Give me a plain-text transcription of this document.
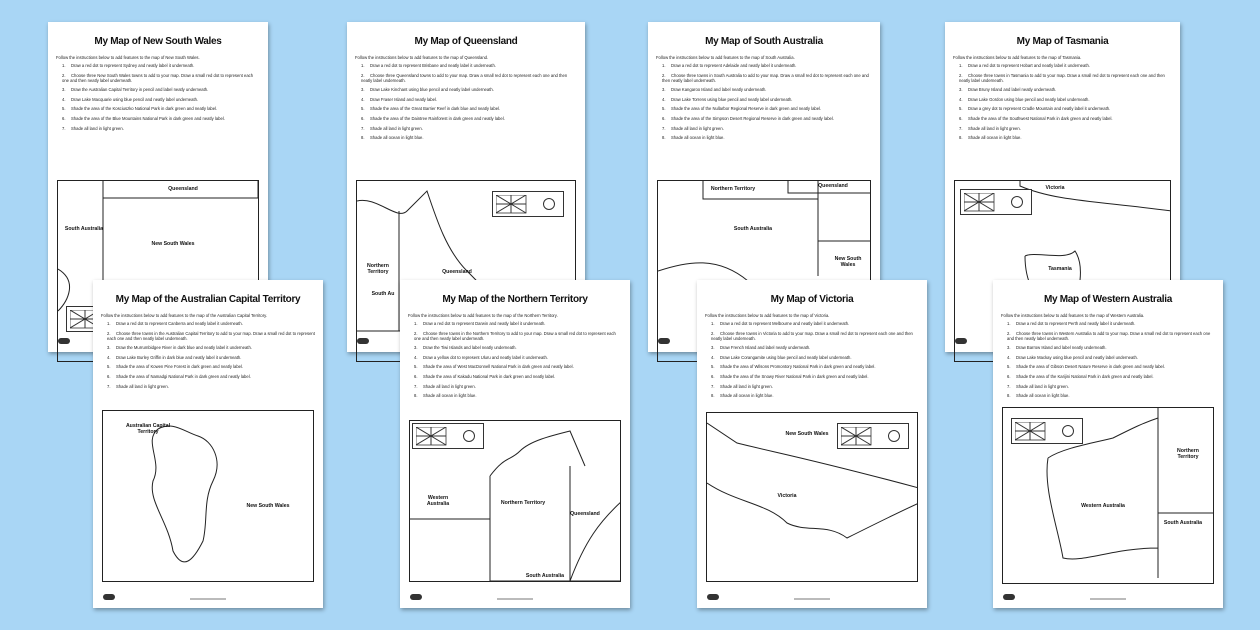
My Map of New South Wales
Follow the instructions below to add features to the map of New South Wales.
1. Draw a red dot to represent Sydney and neatly label it underneath.
2. Choose three New South Wales towns to add to your map. Draw a small red dot to represent each one and then neatly label underneath.
3. Draw the Australian Capital Territory in pencil and label neatly underneath.
4. Draw Lake Macquarie using blue pencil and neatly label underneath.
5. Shade the area of the Kosciuszko National Park in dark green and neatly label.
6. Shade the area of the Blue Mountains National Park in dark green and neatly label.
7. Shade all land in light green.
Queensland
South Australia
New South Wales
My Map of Queensland
Follow the instructions below to add features to the map of Queensland.
1. Draw a red dot to represent Brisbane and neatly label it underneath.
2. Choose three Queensland towns to add to your map. Draw a small red dot to represent each one and then neatly label underneath.
3. Draw Lake Kinchant using blue pencil and neatly label underneath.
4. Draw Fraser Island and neatly label.
5. Shade the area of the Great Barrier Reef in dark blue and neatly label.
6. Shade the area of the Daintree Rainforest in dark green and neatly label.
7. Shade all land in light green.
8. Shade all ocean in light blue.
Northern Territory	Queensland
South Au
My Map of South Australia
Follow the instructions below to add features to the map of South Australia.
1. Draw a red dot to represent Adelaide and neatly label it underneath.
2. Choose three towns in South Australia to add to your map. Draw a small red dot to represent each one and then neatly label underneath.
3. Draw Kangaroo Island and label neatly underneath.
4. Draw Lake Torrens using blue pencil and neatly label underneath.
5. Shade the area of the Nullarbor Regional Reserve in dark green and neatly label.
6. Shade the area of the Simpson Desert Regional Reserve in dark green and neatly label.
7. Shade all land in light green.
8. Shade all ocean in light blue.
Northern Territory	Queensland
South Australia
New South Wales
My Map of Tasmania
Follow the instructions below to add features to the map of Tasmania.
1. Draw a red dot to represent Hobart and neatly label it underneath.
2. Choose three towns in Tasmania to add to your map. Draw a small red dot to represent each one and then neatly label underneath.
3. Draw Bruny Island and label neatly underneath.
4. Draw Lake Gordon using blue pencil and neatly label underneath.
5. Draw a grey dot to represent Cradle Mountain and neatly label it underneath.
6. Shade the area of the Southwest National Park in dark green and neatly label.
7. Shade all land in light green.
8. Shade all ocean in light blue.
Victoria
Tasmania
My Map of the Australian Capital Territory
Follow the instructions below to add features to the map of the Australian Capital Territory.
1. Draw a red dot to represent Canberra and neatly label it underneath.
2. Choose three towns in the Australian Capital Territory to add to your map. Draw a small red dot to represent each one and then neatly label underneath.
3. Draw the Murrumbidgee River in dark blue and neatly label it underneath.
4. Draw Lake Burley Griffin in dark blue and neatly label it underneath.
5. Shade the area of Kowen Pine Forest in dark green and neatly label.
6. Shade the area of Namadgi National Park in dark green and neatly label.
7. Shade all land in light green.
Australian Capital Territory
New South Wales
My Map of the Northern Territory
Follow the instructions below to add features to the map of the Northern Territory.
1. Draw a red dot to represent Darwin and neatly label it underneath.
2. Choose three towns in the Northern Territory to add to your map. Draw a small red dot to represent each one and then neatly label underneath.
3. Draw the Tiwi Islands and label neatly underneath.
4. Draw a yellow dot to represent Uluru and neatly label it underneath.
5. Shade the area of West MacDonnell National Park in dark green and neatly label.
6. Shade the area of Kakadu National Park in dark green and neatly label.
7. Shade all land in light green.
8. Shade all ocean in light blue.
Western Australia	Northern Territory
Queensland
South Australia
My Map of Victoria
Follow the instructions below to add features to the map of Victoria.
1. Draw a red dot to represent Melbourne and neatly label it underneath.
2. Choose three towns in Victoria to add to your map. Draw a small red dot to represent each one and then neatly label underneath.
3. Draw French Island and label neatly underneath.
4. Draw Lake Corangamite using blue pencil and neatly label underneath.
5. Shade the area of Wilsons Promontory National Park in dark green and neatly label.
6. Shade the area of the Snowy River National Park in dark green and neatly label.
7. Shade all land in light green.
8. Shade all ocean in light blue.
New South Wales
Victoria
My Map of Western Australia
Follow the instructions below to add features to the map of Western Australia.
1. Draw a red dot to represent Perth and neatly label it underneath.
2. Choose three towns in Western Australia to add to your map. Draw a small red dot to represent each one and then neatly label underneath.
3. Draw Barrow Island and label neatly underneath.
4. Draw Lake Mackay using blue pencil and neatly label underneath.
5. Shade the area of Gibson Desert Nature Reserve in dark green and neatly label.
6. Shade the area of the Karijini National Park in dark green and neatly label.
7. Shade all land in light green.
8. Shade all ocean in light blue.
Northern Territory
Western Australia
South Australia
